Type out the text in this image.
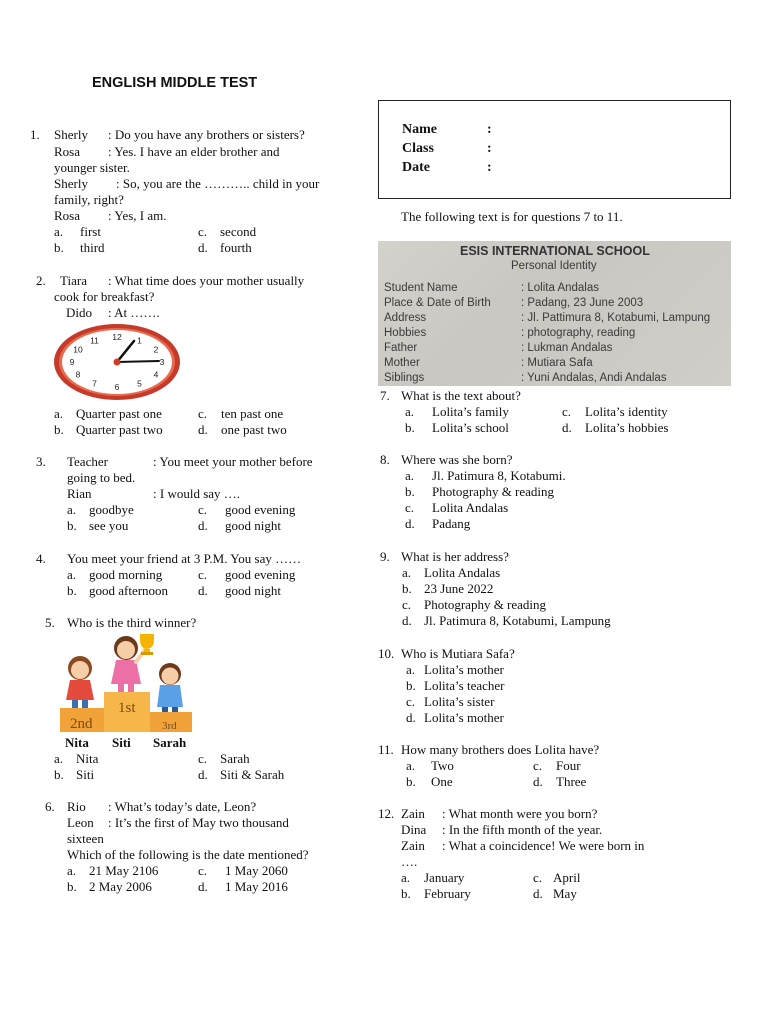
ENGLISH MIDDLE TEST
Name	:
Class	:
Date	:
1. Sherly : Do you have any brothers or sisters?
Rosa : Yes. I have an elder brother and
younger sister.
Sherly : So, you are the ……….. child in your
family, right?
Rosa : Yes, I am.
a. first	c. second
b. third	d. fourth
2. Tiara : What time does your mother usually
cook for breakfast?
Dido : At …….
12 1
2
3
4
5
6
7
8
9
10
11
a. Quarter past one	c. ten past one
b. Quarter past two	d. one past two
3. Teacher	: You meet your mother before
going to bed.
Rian	: I would say ….
a. goodbye	c. good evening
b. see you	d. good night
4. You meet your friend at 3 P.M. You say ……
a. good morning	c. good evening
b. good afternoon d. good night
5. Who is the third winner?
2nd
1st
3rd
Nita Siti Sarah
a. Nita	c. Sarah
b. Siti	d. Siti & Sarah
6. Rio : What’s today’s date, Leon?
Leon : It’s the first of May two thousand
sixteen
Which of the following is the date mentioned?
a. 21 May 2106	c. 1 May 2060
b. 2 May 2006	d. 1 May 2016
The following text is for questions 7 to 11.
ESIS INTERNATIONAL SCHOOL
Personal Identity
Student Name	: Lolita Andalas
Place & Date of Birth	: Padang, 23 June 2003
Address	: Jl. Pattimura 8, Kotabumi, Lampung
Hobbies	: photography, reading
Father	: Lukman Andalas
Mother	: Mutiara Safa
Siblings	: Yuni Andalas, Andi Andalas
7. What is the text about?
a. Lolita’s family	c. Lolita’s identity
b. Lolita’s school	d. Lolita’s hobbies
8. Where was she born?
a. Jl. Patimura 8, Kotabumi.
b. Photography & reading
c. Lolita Andalas
d. Padang
9. What is her address?
a. Lolita Andalas
b. 23 June 2022
c. Photography & reading
d. Jl. Patimura 8, Kotabumi, Lampung
10. Who is Mutiara Safa?
a. Lolita’s mother
b. Lolita’s teacher
c. Lolita’s sister
d. Lolita’s mother
11. How many brothers does Lolita have?
a. Two	c. Four
b. One	d. Three
12. Zain : What month were you born?
Dina : In the fifth month of the year.
Zain : What a coincidence! We were born in
….
a. January	c. April
b. February	d. May
